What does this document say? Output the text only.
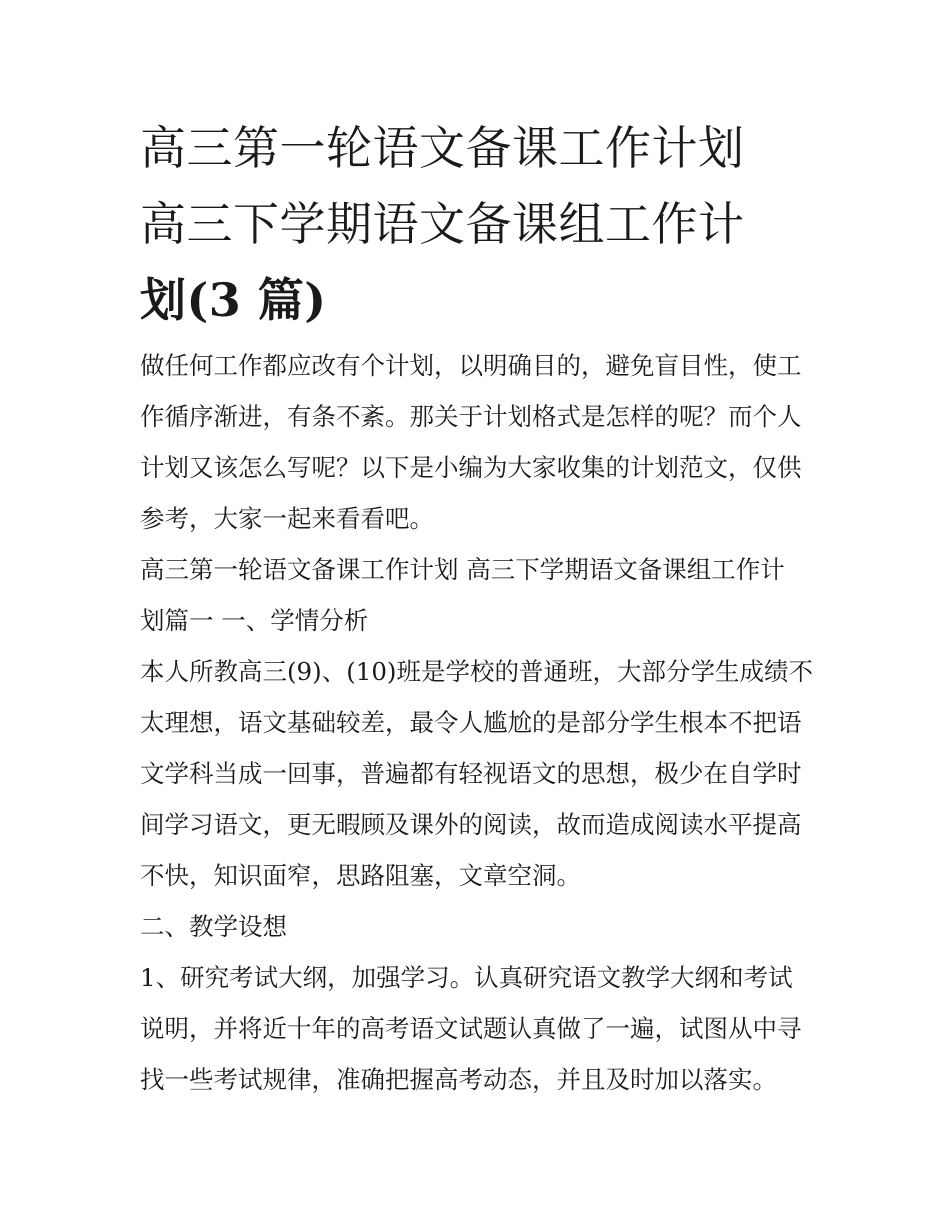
高三第一轮语文备课工作计划
高三下学期语文备课组工作计
划(3 篇)

做任何工作都应改有个计划，以明确目的，避免盲目性，使工
作循序渐进，有条不紊。那关于计划格式是怎样的呢？而个人
计划又该怎么写呢？以下是小编为大家收集的计划范文，仅供
参考，大家一起来看看吧。

高三第一轮语文备课工作计划 高三下学期语文备课组工作计
划篇一 一、学情分析

本人所教高三(9)、(10)班是学校的普通班，大部分学生成绩不
太理想，语文基础较差，最令人尴尬的是部分学生根本不把语
文学科当成一回事，普遍都有轻视语文的思想，极少在自学时
间学习语文，更无暇顾及课外的阅读，故而造成阅读水平提高
不快，知识面窄，思路阻塞，文章空洞。

二、教学设想

1、研究考试大纲，加强学习。认真研究语文教学大纲和考试
说明，并将近十年的高考语文试题认真做了一遍，试图从中寻
找一些考试规律，准确把握高考动态，并且及时加以落实。
